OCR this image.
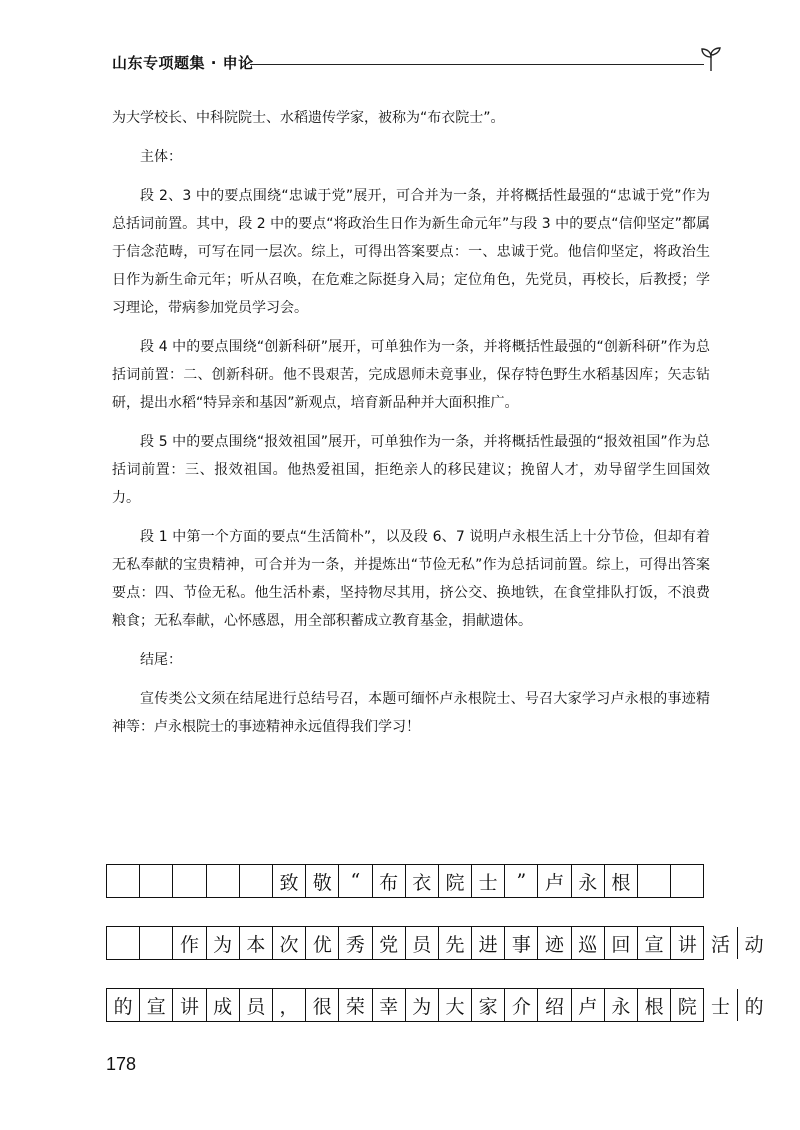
山东专项题集 · 申论

为大学校长、中科院院士、水稻遗传学家，被称为“布衣院士”。

主体：

段 2、3 中的要点围绕“忠诚于党”展开，可合并为一条，并将概括性最强的“忠诚于党”作为总括词前置。其中，段 2 中的要点“将政治生日作为新生命元年”与段 3 中的要点“信仰坚定”都属于信念范畴，可写在同一层次。综上，可得出答案要点：一、忠诚于党。他信仰坚定，将政治生日作为新生命元年；听从召唤，在危难之际挺身入局；定位角色，先党员，再校长，后教授；学习理论，带病参加党员学习会。

段 4 中的要点围绕“创新科研”展开，可单独作为一条，并将概括性最强的“创新科研”作为总括词前置：二、创新科研。他不畏艰苦，完成恩师未竟事业，保存特色野生水稻基因库；矢志钻研，提出水稻“特异亲和基因”新观点，培育新品种并大面积推广。

段 5 中的要点围绕“报效祖国”展开，可单独作为一条，并将概括性最强的“报效祖国”作为总括词前置：三、报效祖国。他热爱祖国，拒绝亲人的移民建议；挽留人才，劝导留学生回国效力。

段 1 中第一个方面的要点“生活简朴”，以及段 6、7 说明卢永根生活上十分节俭，但却有着无私奉献的宝贵精神，可合并为一条，并提炼出“节俭无私”作为总括词前置。综上，可得出答案要点：四、节俭无私。他生活朴素，坚持物尽其用，挤公交、换地铁，在食堂排队打饭，不浪费粮食；无私奉献，心怀感恩，用全部积蓄成立教育基金，捐献遗体。

结尾：

宣传类公文须在结尾进行总结号召，本题可缅怀卢永根院士、号召大家学习卢永根的事迹精神等：卢永根院士的事迹精神永远值得我们学习！

致 敬 “ 布 衣 院 士 ” 卢 永 根
作 为 本 次 优 秀 党 员 先 进 事 迹 巡 回 宣 讲 活 动
的 宣 讲 成 员 ， 很 荣 幸 为 大 家 介 绍 卢 永 根 院 士 的
178
